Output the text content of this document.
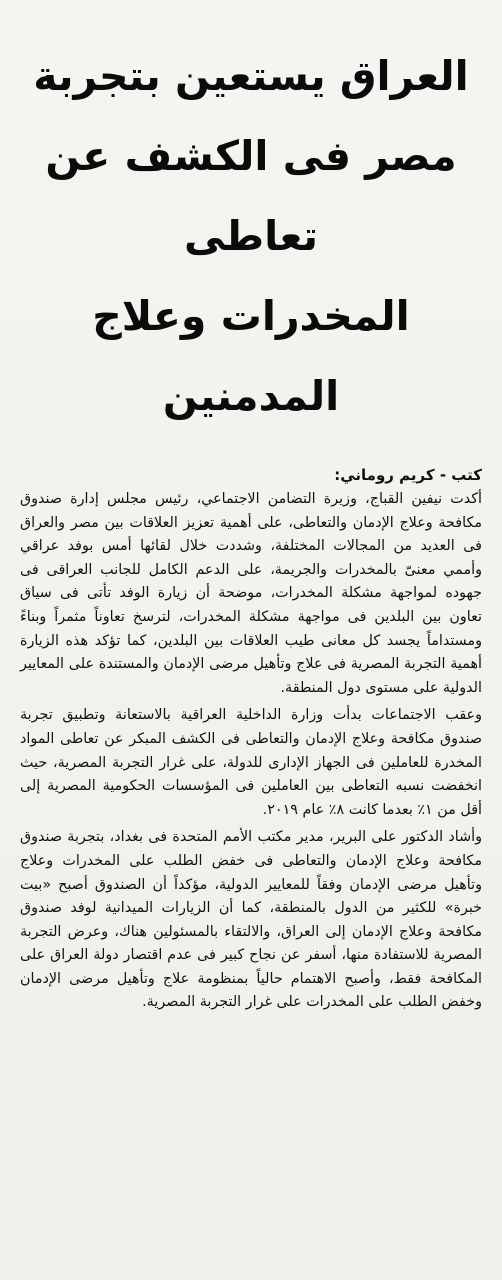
العراق يستعين بتجربة
مصر فى الكشف عن تعاطى
المخدرات وعلاج المدمنين
كتب - كريم روماني:

أكدت نيفين القباج، وزيرة التضامن الاجتماعي، رئيس مجلس إدارة صندوق مكافحة وعلاج الإدمان والتعاطى، على أهمية تعزيز العلاقات بين مصر والعراق فى العديد من المجالات المختلفة، وشددت خلال لقائها أمس بوفد عراقي وأممي معنىّ بالمخدرات والجريمة، على الدعم الكامل للجانب العراقى فى جهوده لمواجهة مشكلة المخدرات، موضحة أن زيارة الوفد تأتى فى سياق تعاون بين البلدين فى مواجهة مشكلة المخدرات، لترسخ تعاوناً مثمراً وبناءً ومستداماً يجسد كل معانى طيب العلاقات بين البلدين، كما تؤكد هذه الزيارة أهمية التجربة المصرية فى علاج وتأهيل مرضى الإدمان والمستندة على المعايير الدولية على مستوى دول المنطقة.

وعقب الاجتماعات بدأت وزارة الداخلية العراقية بالاستعانة وتطبيق تجربة صندوق مكافحة وعلاج الإدمان والتعاطى فى الكشف المبكر عن تعاطى المواد المخدرة للعاملين فى الجهاز الإدارى للدولة، على غرار التجربة المصرية، حيث انخفضت نسبه التعاطى بين العاملين فى المؤسسات الحكومية المصرية إلى أقل من ١٪ بعدما كانت ٨٪ عام ٢٠١٩.

وأشاد الدكتور على البرير، مدير مكتب الأمم المتحدة فى بغداد، بتجربة صندوق مكافحة وعلاج الإدمان والتعاطى فى خفض الطلب على المخدرات وعلاج وتأهيل مرضى الإدمان وفقاً للمعايير الدولية، مؤكداً أن الصندوق أصبح «بيت خبرة» للكثير من الدول بالمنطقة، كما أن الزيارات الميدانية لوفد صندوق مكافحة وعلاج الإدمان إلى العراق، والالتقاء بالمسئولين هناك، وعرض التجربة المصرية للاستفادة منها، أسفر عن نجاح كبير فى عدم اقتصار دولة العراق على المكافحة فقط، وأصبح الاهتمام حالياً بمنظومة علاج وتأهيل مرضى الإدمان وخفض الطلب على المخدرات على غرار التجربة المصرية.
